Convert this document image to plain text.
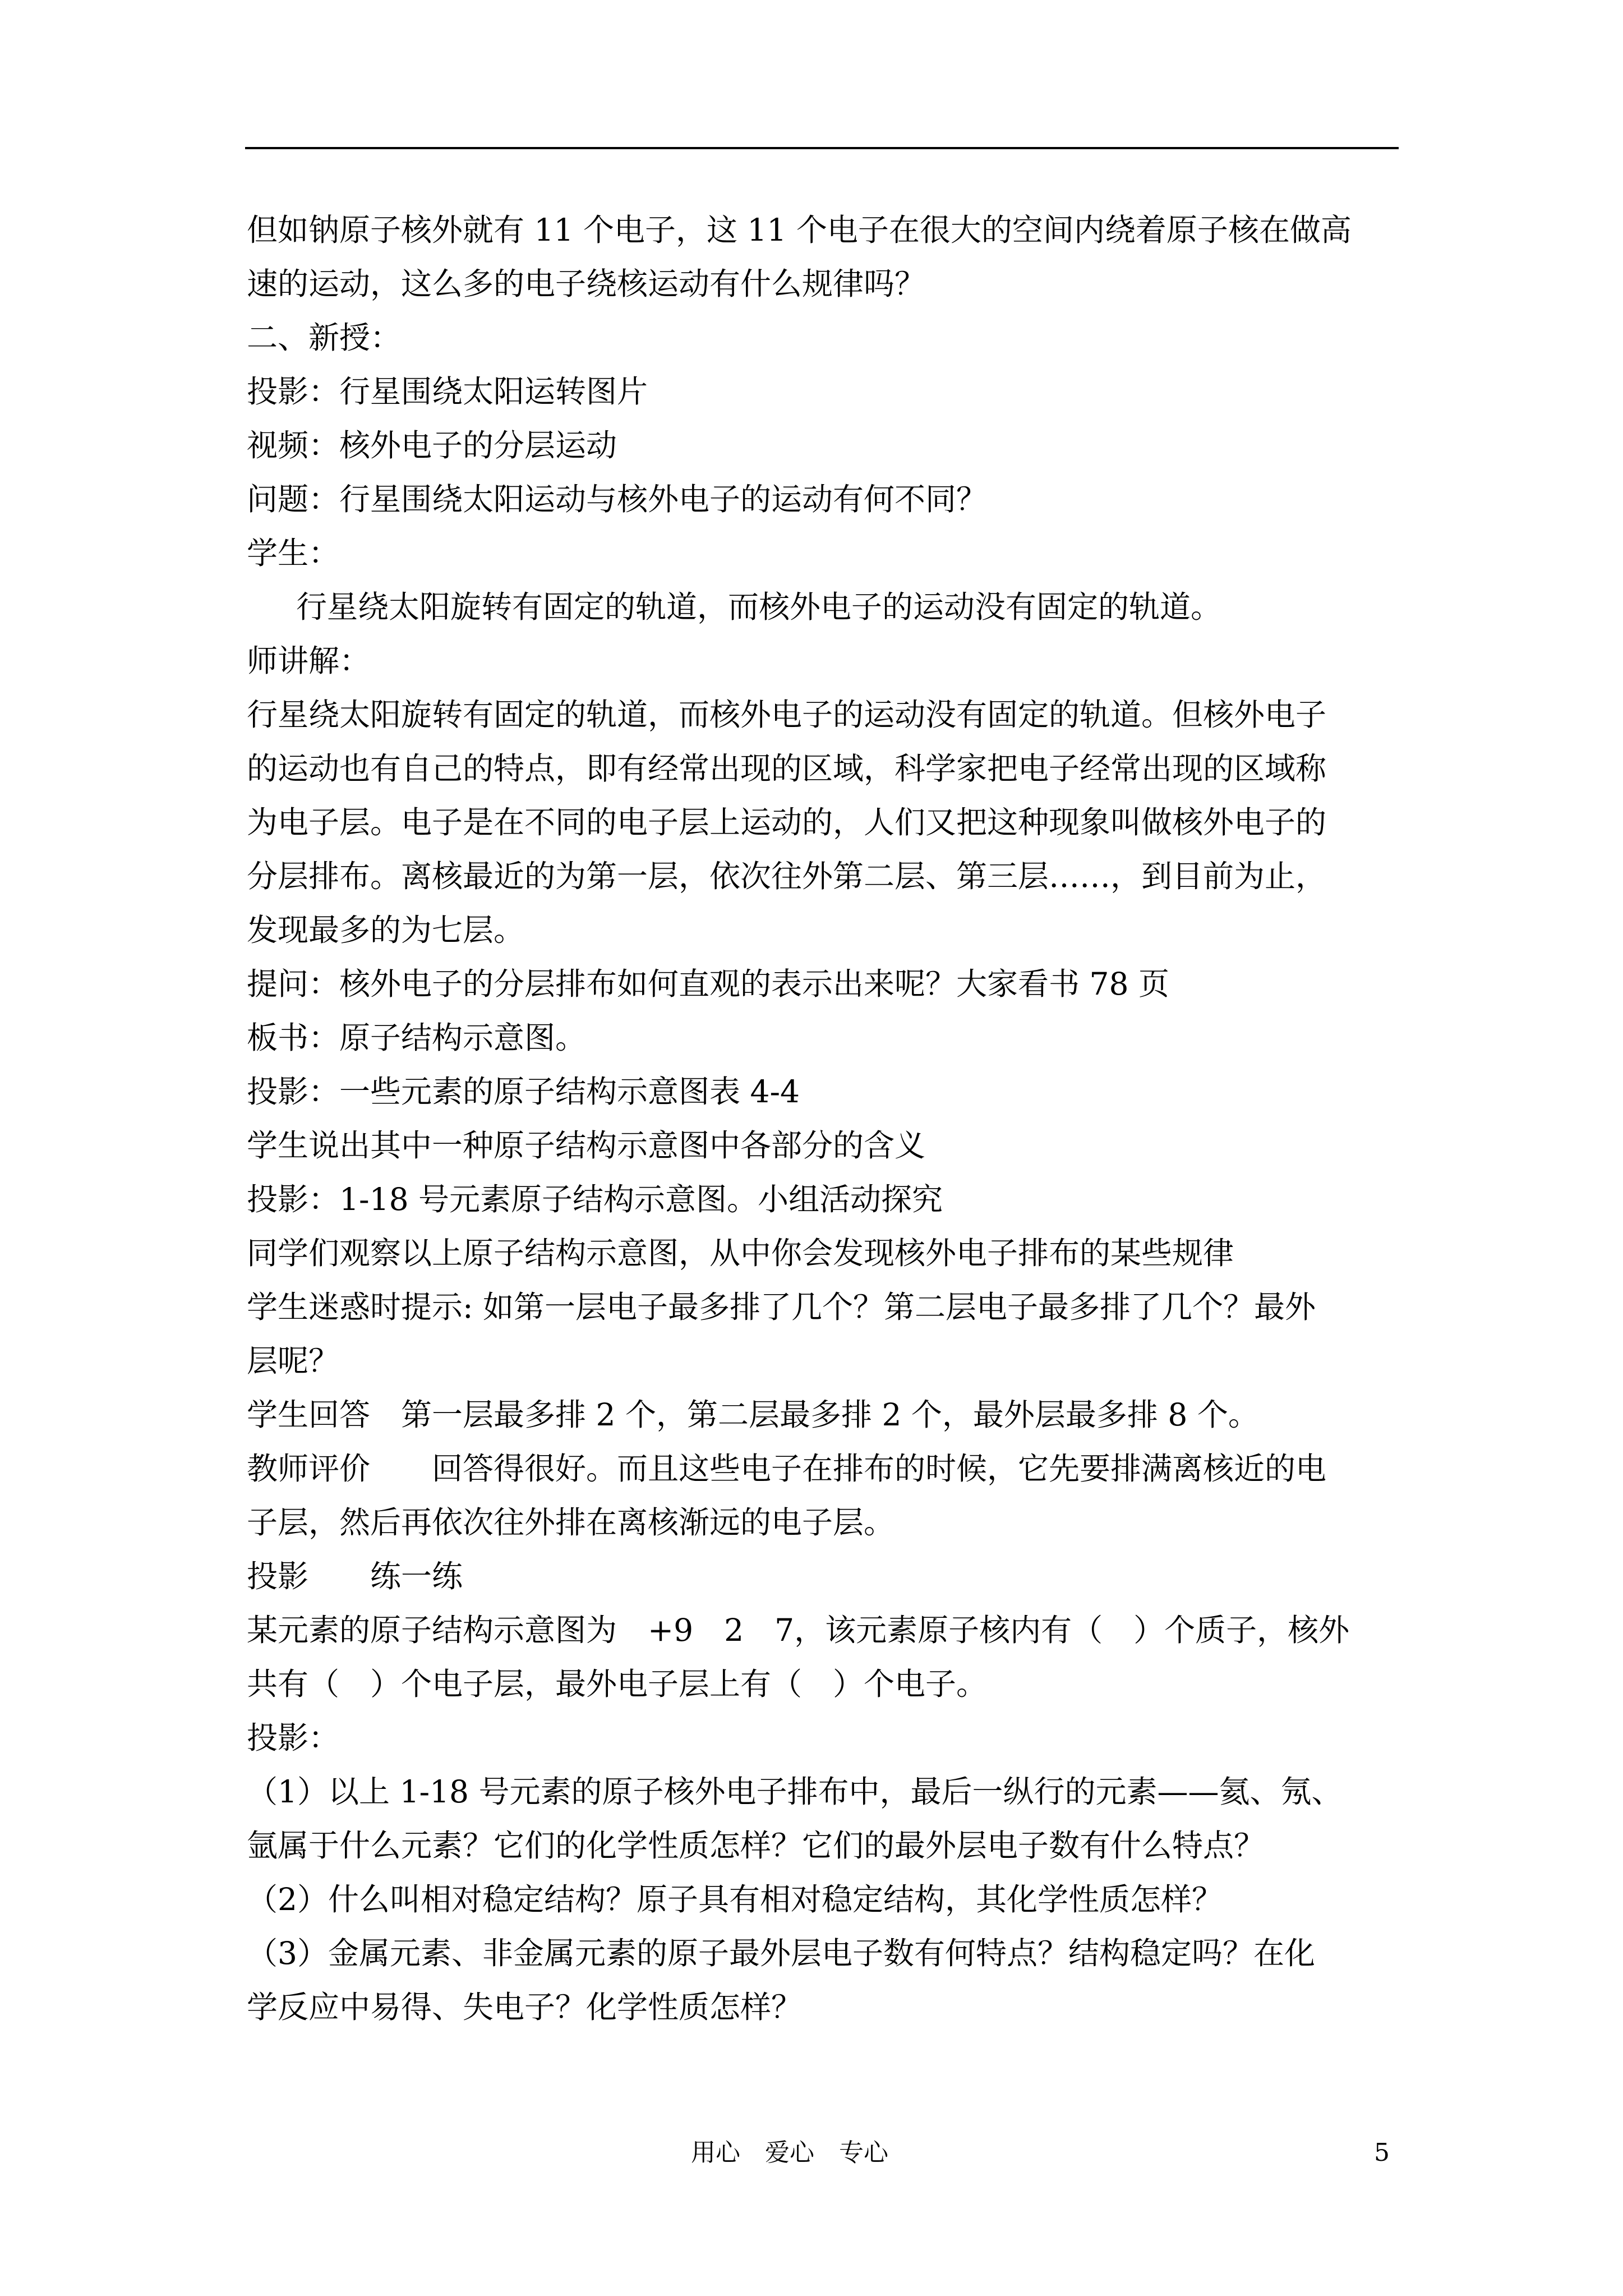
但如钠原子核外就有 11 个电子，这 11 个电子在很大的空间内绕着原子核在做高
速的运动，这么多的电子绕核运动有什么规律吗？
二、新授：
投影：行星围绕太阳运转图片
视频：核外电子的分层运动
问题：行星围绕太阳运动与核外电子的运动有何不同？
学生：
行星绕太阳旋转有固定的轨道，而核外电子的运动没有固定的轨道。
师讲解：
行星绕太阳旋转有固定的轨道，而核外电子的运动没有固定的轨道。但核外电子
的运动也有自己的特点，即有经常出现的区域，科学家把电子经常出现的区域称
为电子层。电子是在不同的电子层上运动的，人们又把这种现象叫做核外电子的
分层排布。离核最近的为第一层，依次往外第二层、第三层……，到目前为止，
发现最多的为七层。
提问：核外电子的分层排布如何直观的表示出来呢？大家看书 78 页
板书：原子结构示意图。
投影：一些元素的原子结构示意图表 4-4
学生说出其中一种原子结构示意图中各部分的含义
投影：1-18 号元素原子结构示意图。小组活动探究
同学们观察以上原子结构示意图，从中你会发现核外电子排布的某些规律
学生迷惑时提示: 如第一层电子最多排了几个？第二层电子最多排了几个？最外
层呢？
学生回答　第一层最多排 2 个，第二层最多排 2 个，最外层最多排 8 个。
教师评价　　回答得很好。而且这些电子在排布的时候，它先要排满离核近的电
子层，然后再依次往外排在离核渐远的电子层。
投影　　练一练
某元素的原子结构示意图为　+9　2　7，该元素原子核内有（　）个质子，核外
共有（　）个电子层，最外电子层上有（　）个电子。
投影：
（1）以上 1-18 号元素的原子核外电子排布中，最后一纵行的元素——氦、氖、
氩属于什么元素？它们的化学性质怎样？它们的最外层电子数有什么特点？
（2）什么叫相对稳定结构？原子具有相对稳定结构，其化学性质怎样？
（3）金属元素、非金属元素的原子最外层电子数有何特点？结构稳定吗？在化
学反应中易得、失电子？化学性质怎样？
用心　爱心　专心	5
